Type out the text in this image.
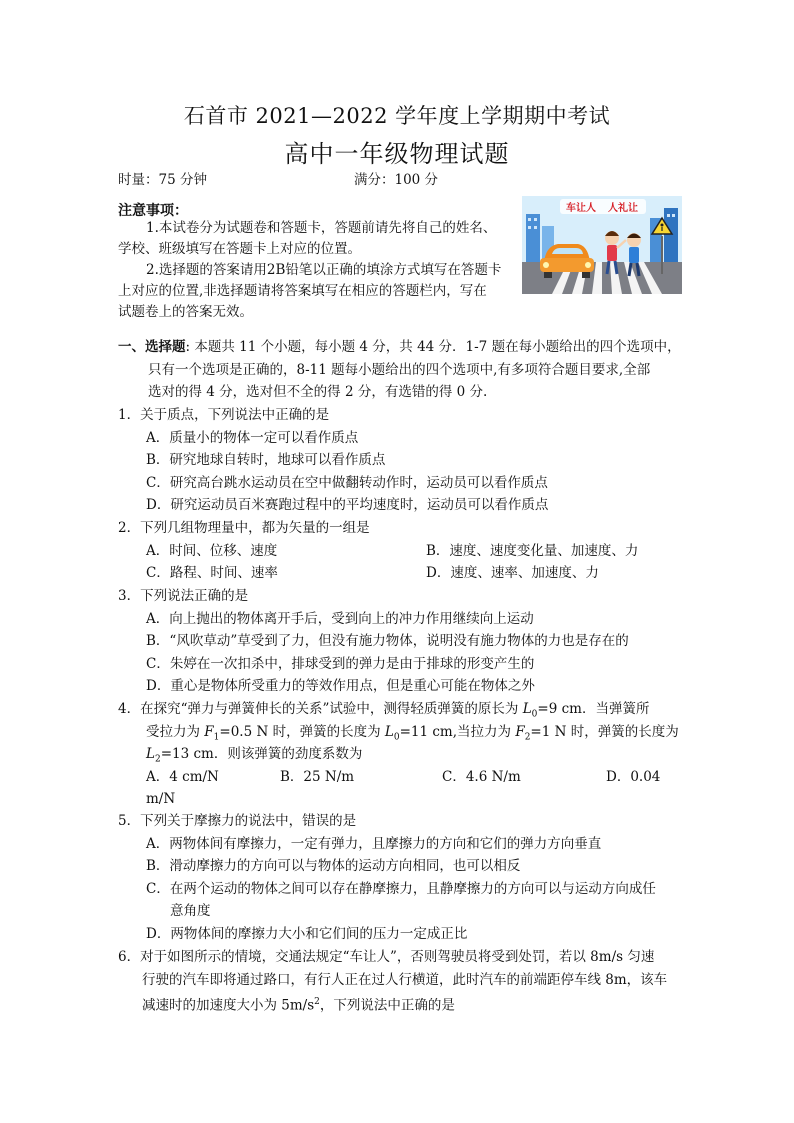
石首市 2021—2022 学年度上学期期中考试
高中一年级物理试题
时量：75 分钟	满分：100 分
注意事项：
1.本试卷分为试题卷和答题卡，答题前请先将自己的姓名、
学校、班级填写在答题卡上对应的位置。
2.选择题的答案请用2B铅笔以正确的填涂方式填写在答题卡
上对应的位置,非选择题请将答案填写在相应的答题栏内，写在
试题卷上的答案无效。
车让人 人礼让
一、选择题: 本题共 11 个小题，每小题 4 分，共 44 分．1-7 题在每小题给出的四个选项中，
只有一个选项是正确的，8-11 题每小题给出的四个选项中,有多项符合题目要求,全部
选对的得 4 分，选对但不全的得 2 分，有选错的得 0 分.
1．关于质点，下列说法中正确的是
A．质量小的物体一定可以看作质点
B．研究地球自转时，地球可以看作质点
C．研究高台跳水运动员在空中做翻转动作时，运动员可以看作质点
D．研究运动员百米赛跑过程中的平均速度时，运动员可以看作质点
2．下列几组物理量中，都为矢量的一组是
A．时间、位移、速度	B．速度、速度变化量、加速度、力
C．路程、时间、速率	D．速度、速率、加速度、力
3．下列说法正确的是
A．向上抛出的物体离开手后，受到向上的冲力作用继续向上运动
B．“风吹草动”草受到了力，但没有施力物体，说明没有施力物体的力也是存在的
C．朱婷在一次扣杀中，排球受到的弹力是由于排球的形变产生的
D．重心是物体所受重力的等效作用点，但是重心可能在物体之外
4．在探究“弹力与弹簧伸长的关系”试验中，测得轻质弹簧的原长为 $L_0=9$ cm．当弹簧所
受拉力为 $F_1=0.5$ N 时，弹簧的长度为 $L_0=11$ cm,当拉力为 $F_2=1$ N 时，弹簧的长度为
$L_2=13$ cm．则该弹簧的劲度系数为
A．4 cm/N	B．25 N/m	C．4.6 N/m	D．0.04
m/N
5．下列关于摩擦力的说法中，错误的是
A．两物体间有摩擦力，一定有弹力，且摩擦力的方向和它们的弹力方向垂直
B．滑动摩擦力的方向可以与物体的运动方向相同，也可以相反
C．在两个运动的物体之间可以存在静摩擦力，且静摩擦力的方向可以与运动方向成任
意角度
D．两物体间的摩擦力大小和它们间的压力一定成正比
6．对于如图所示的情境，交通法规定“车让人”，否则驾驶员将受到处罚，若以 8m/s 匀速
行驶的汽车即将通过路口，有行人正在过人行横道，此时汽车的前端距停车线 8m，该车
减速时的加速度大小为 $5m/s^2$，下列说法中正确的是
